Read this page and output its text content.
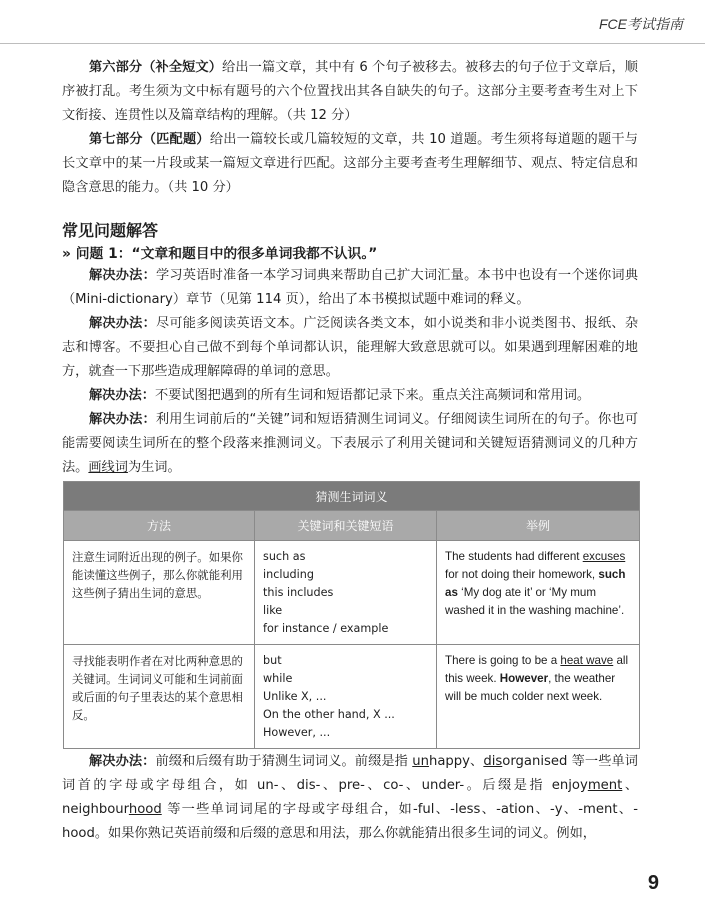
FCE考试指南

第六部分（补全短文）给出一篇文章，其中有 6 个句子被移去。被移去的句子位于文章后，顺序被打乱。考生须为文中标有题号的六个位置找出其各自缺失的句子。这部分主要考查考生对上下文衔接、连贯性以及篇章结构的理解。（共 12 分）

第七部分（匹配题）给出一篇较长或几篇较短的文章，共 10 道题。考生须将每道题的题干与长文章中的某一片段或某一篇短文章进行匹配。这部分主要考查考生理解细节、观点、特定信息和隐含意思的能力。（共 10 分）

常见问题解答
» 问题 1：“文章和题目中的很多单词我都不认识。”

解决办法：学习英语时准备一本学习词典来帮助自己扩大词汇量。本书中也设有一个迷你词典（Mini-dictionary）章节（见第 114 页），给出了本书模拟试题中难词的释义。

解决办法：尽可能多阅读英语文本。广泛阅读各类文本，如小说类和非小说类图书、报纸、杂志和博客。不要担心自己做不到每个单词都认识，能理解大致意思就可以。如果遇到理解困难的地方，就查一下那些造成理解障碍的单词的意思。

解决办法：不要试图把遇到的所有生词和短语都记录下来。重点关注高频词和常用词。

解决办法：利用生词前后的“关键”词和短语猜测生词词义。仔细阅读生词所在的句子。你也可能需要阅读生词所在的整个段落来推测词义。下表展示了利用关键词和关键短语猜测词义的几种方法。画线词为生词。

猜测生词词义		
方法	关键词和关键短语	举例
注意生词附近出现的例子。如果你能读懂这些例子，那么你就能利用这些例子猜出生词的意思。	such as
including
this includes
like
for instance / example	The students had different excuses for not doing their homework, such as ‘My dog ate it’ or ‘My mum washed it in the washing machine’.
寻找能表明作者在对比两种意思的关键词。生词词义可能和生词前面或后面的句子里表达的某个意思相反。	but
while
Unlike X, ...
On the other hand, X ...
However, ...	There is going to be a heat wave all this week. However, the weather will be much colder next week.

解决办法：前缀和后缀有助于猜测生词词义。前缀是指 unhappy、disorganised 等一些单词词首的字母或字母组合，如 un-、dis-、pre-、co-、under-。后缀是指 enjoyment、neighbourhood 等一些单词词尾的字母或字母组合，如-ful、-less、-ation、-y、-ment、-hood。如果你熟记英语前缀和后缀的意思和用法，那么你就能猜出很多生词的词义。例如，

9
